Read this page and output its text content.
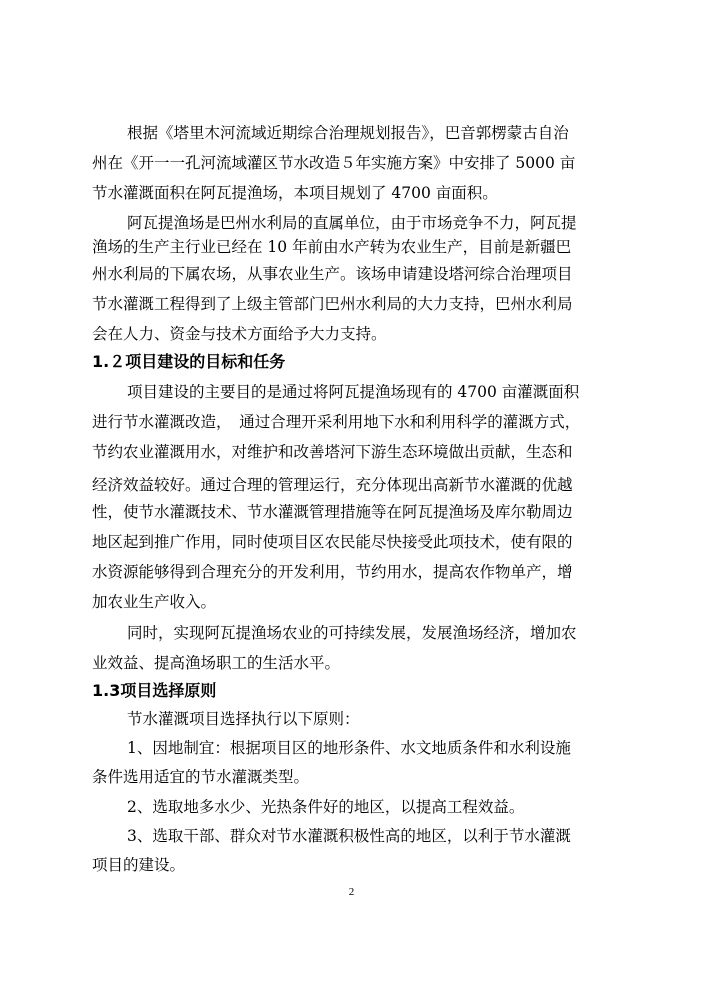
根据《塔里木河流域近期综合治理规划报告》，巴音郭楞蒙古自治
州在《开一一孔河流域灌区节水改造５年实施方案》中安排了 5000 亩
节水灌溉面积在阿瓦提渔场，本项目规划了 4700 亩面积。
阿瓦提渔场是巴州水利局的直属单位，由于市场竞争不力，阿瓦提
渔场的生产主行业已经在 10 年前由水产转为农业生产，目前是新疆巴
州水利局的下属农场，从事农业生产。该场申请建设塔河综合治理项目
节水灌溉工程得到了上级主管部门巴州水利局的大力支持，巴州水利局
会在人力、资金与技术方面给予大力支持。
1.２项目建设的目标和任务
项目建设的主要目的是通过将阿瓦提渔场现有的 4700 亩灌溉面积
进行节水灌溉改造，　通过合理开采利用地下水和利用科学的灌溉方式，
节约农业灌溉用水，对维护和改善塔河下游生态环境做出贡献，生态和
经济效益较好。通过合理的管理运行，充分体现出高新节水灌溉的优越
性，使节水灌溉技术、节水灌溉管理措施等在阿瓦提渔场及库尔勒周边
地区起到推广作用，同时使项目区农民能尽快接受此项技术，使有限的
水资源能够得到合理充分的开发利用，节约用水，提高农作物单产，增
加农业生产收入。
同时，实现阿瓦提渔场农业的可持续发展，发展渔场经济，增加农
业效益、提高渔场职工的生活水平。
1.3项目选择原则
节水灌溉项目选择执行以下原则：
1、因地制宜：根据项目区的地形条件、水文地质条件和水利设施
条件选用适宜的节水灌溉类型。
2、选取地多水少、光热条件好的地区，以提高工程效益。
3、选取干部、群众对节水灌溉积极性高的地区，以利于节水灌溉
项目的建设。
2
